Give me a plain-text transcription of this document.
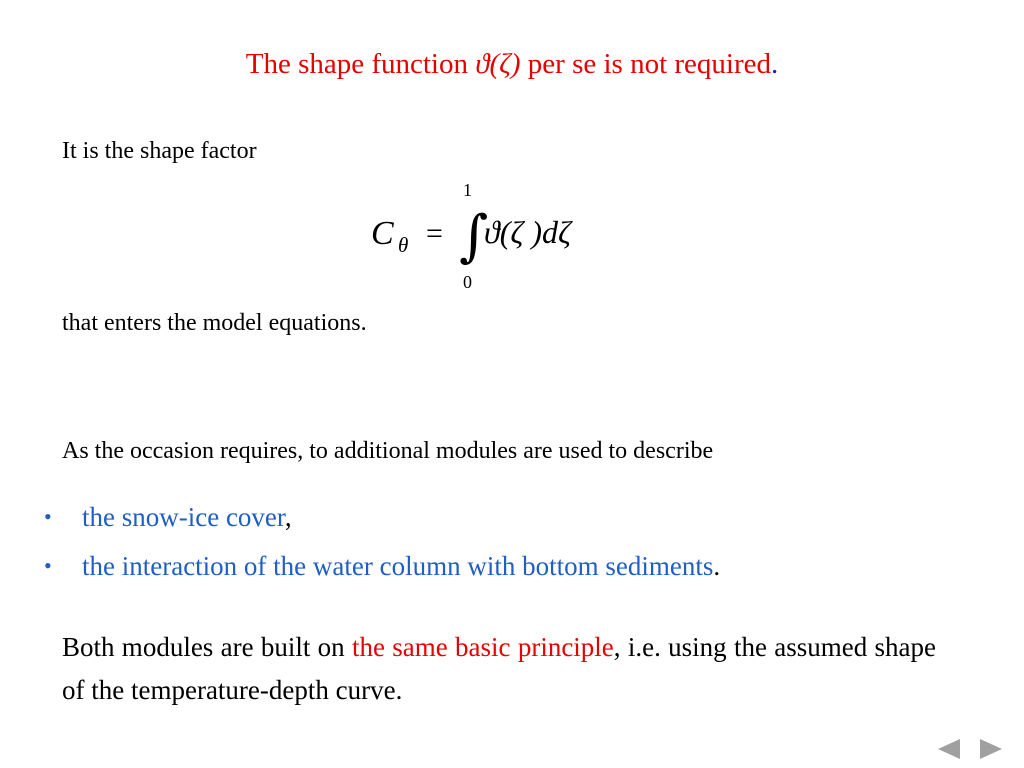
The shape function ϑ(ζ) per se is not required.
It is the shape factor
C θ = ∫
1
0
ϑ(ζ )dζ
that enters the model equations.
As the occasion requires, to additional modules are used to describe
• the snow-ice cover,
• the interaction of the water column with bottom sediments.
Both modules are built on the same basic principle, i.e. using the assumed shape of the temperature-depth curve.
